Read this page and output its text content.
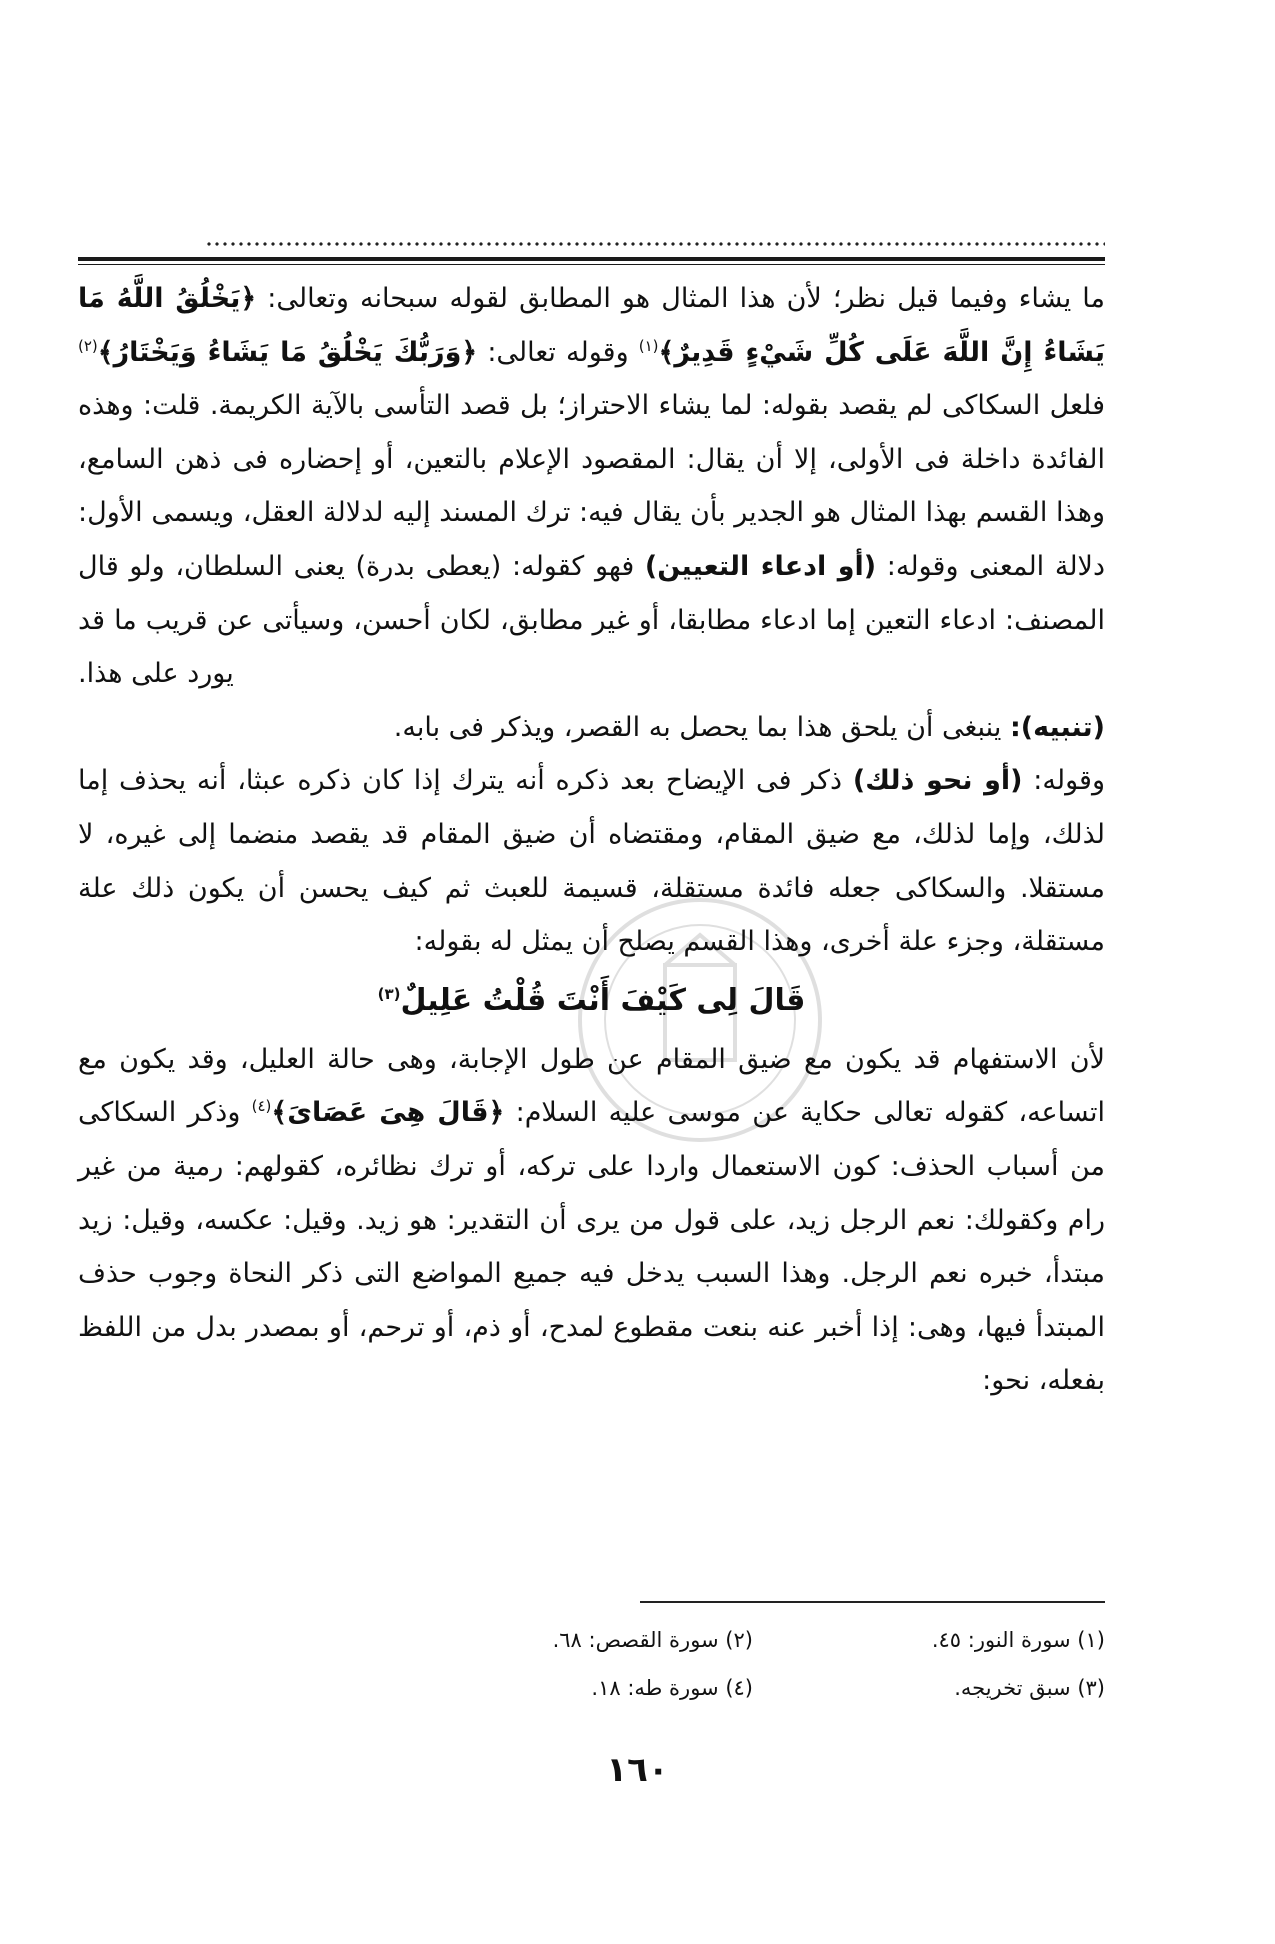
ما يشاء وفيما قيل نظر؛ لأن هذا المثال هو المطابق لقوله سبحانه وتعالى: ﴿يَخْلُقُ اللَّهُ مَا يَشَاءُ إِنَّ اللَّهَ عَلَى كُلِّ شَيْءٍ قَدِيرٌ﴾$^{(١)}$ وقوله تعالى: ﴿وَرَبُّكَ يَخْلُقُ مَا يَشَاءُ وَيَخْتَارُ﴾$^{(٢)}$ فلعل السكاكى لم يقصد بقوله: لما يشاء الاحتراز؛ بل قصد التأسى بالآية الكريمة. قلت: وهذه الفائدة داخلة فى الأولى، إلا أن يقال: المقصود الإعلام بالتعين، أو إحضاره فى ذهن السامع، وهذا القسم بهذا المثال هو الجدير بأن يقال فيه: ترك المسند إليه لدلالة العقل، ويسمى الأول: دلالة المعنى وقوله: (أو ادعاء التعيين) فهو كقوله: (يعطى بدرة) يعنى السلطان، ولو قال المصنف: ادعاء التعين إما ادعاء مطابقا، أو غير مطابق، لكان أحسن، وسيأتى عن قريب ما قد يورد على هذا.

(تنبيه): ينبغى أن يلحق هذا بما يحصل به القصر، ويذكر فى بابه.

وقوله: (أو نحو ذلك) ذكر فى الإيضاح بعد ذكره أنه يترك إذا كان ذكره عبثا، أنه يحذف إما لذلك، وإما لذلك، مع ضيق المقام، ومقتضاه أن ضيق المقام قد يقصد منضما إلى غيره، لا مستقلا. والسكاكى جعله فائدة مستقلة، قسيمة للعبث ثم كيف يحسن أن يكون ذلك علة مستقلة، وجزء علة أخرى، وهذا القسم يصلح أن يمثل له بقوله:

قَالَ لِى كَيْفَ أَنْتَ قُلْتُ عَلِيلٌ$^{(٣)}$

لأن الاستفهام قد يكون مع ضيق المقام عن طول الإجابة، وهى حالة العليل، وقد يكون مع اتساعه، كقوله تعالى حكاية عن موسى عليه السلام: ﴿قَالَ هِىَ عَصَاىَ﴾$^{(٤)}$ وذكر السكاكى من أسباب الحذف: كون الاستعمال واردا على تركه، أو ترك نظائره، كقولهم: رمية من غير رام وكقولك: نعم الرجل زيد، على قول من يرى أن التقدير: هو زيد. وقيل: عكسه، وقيل: زيد مبتدأ، خبره نعم الرجل. وهذا السبب يدخل فيه جميع المواضع التى ذكر النحاة وجوب حذف المبتدأ فيها، وهى: إذا أخبر عنه بنعت مقطوع لمدح، أو ذم، أو ترحم، أو بمصدر بدل من اللفظ بفعله، نحو:

(١) سورة النور: ٤٥.
(٢) سورة القصص: ٦٨.
(٣) سبق تخريجه.
(٤) سورة طه: ١٨.
١٦٠
